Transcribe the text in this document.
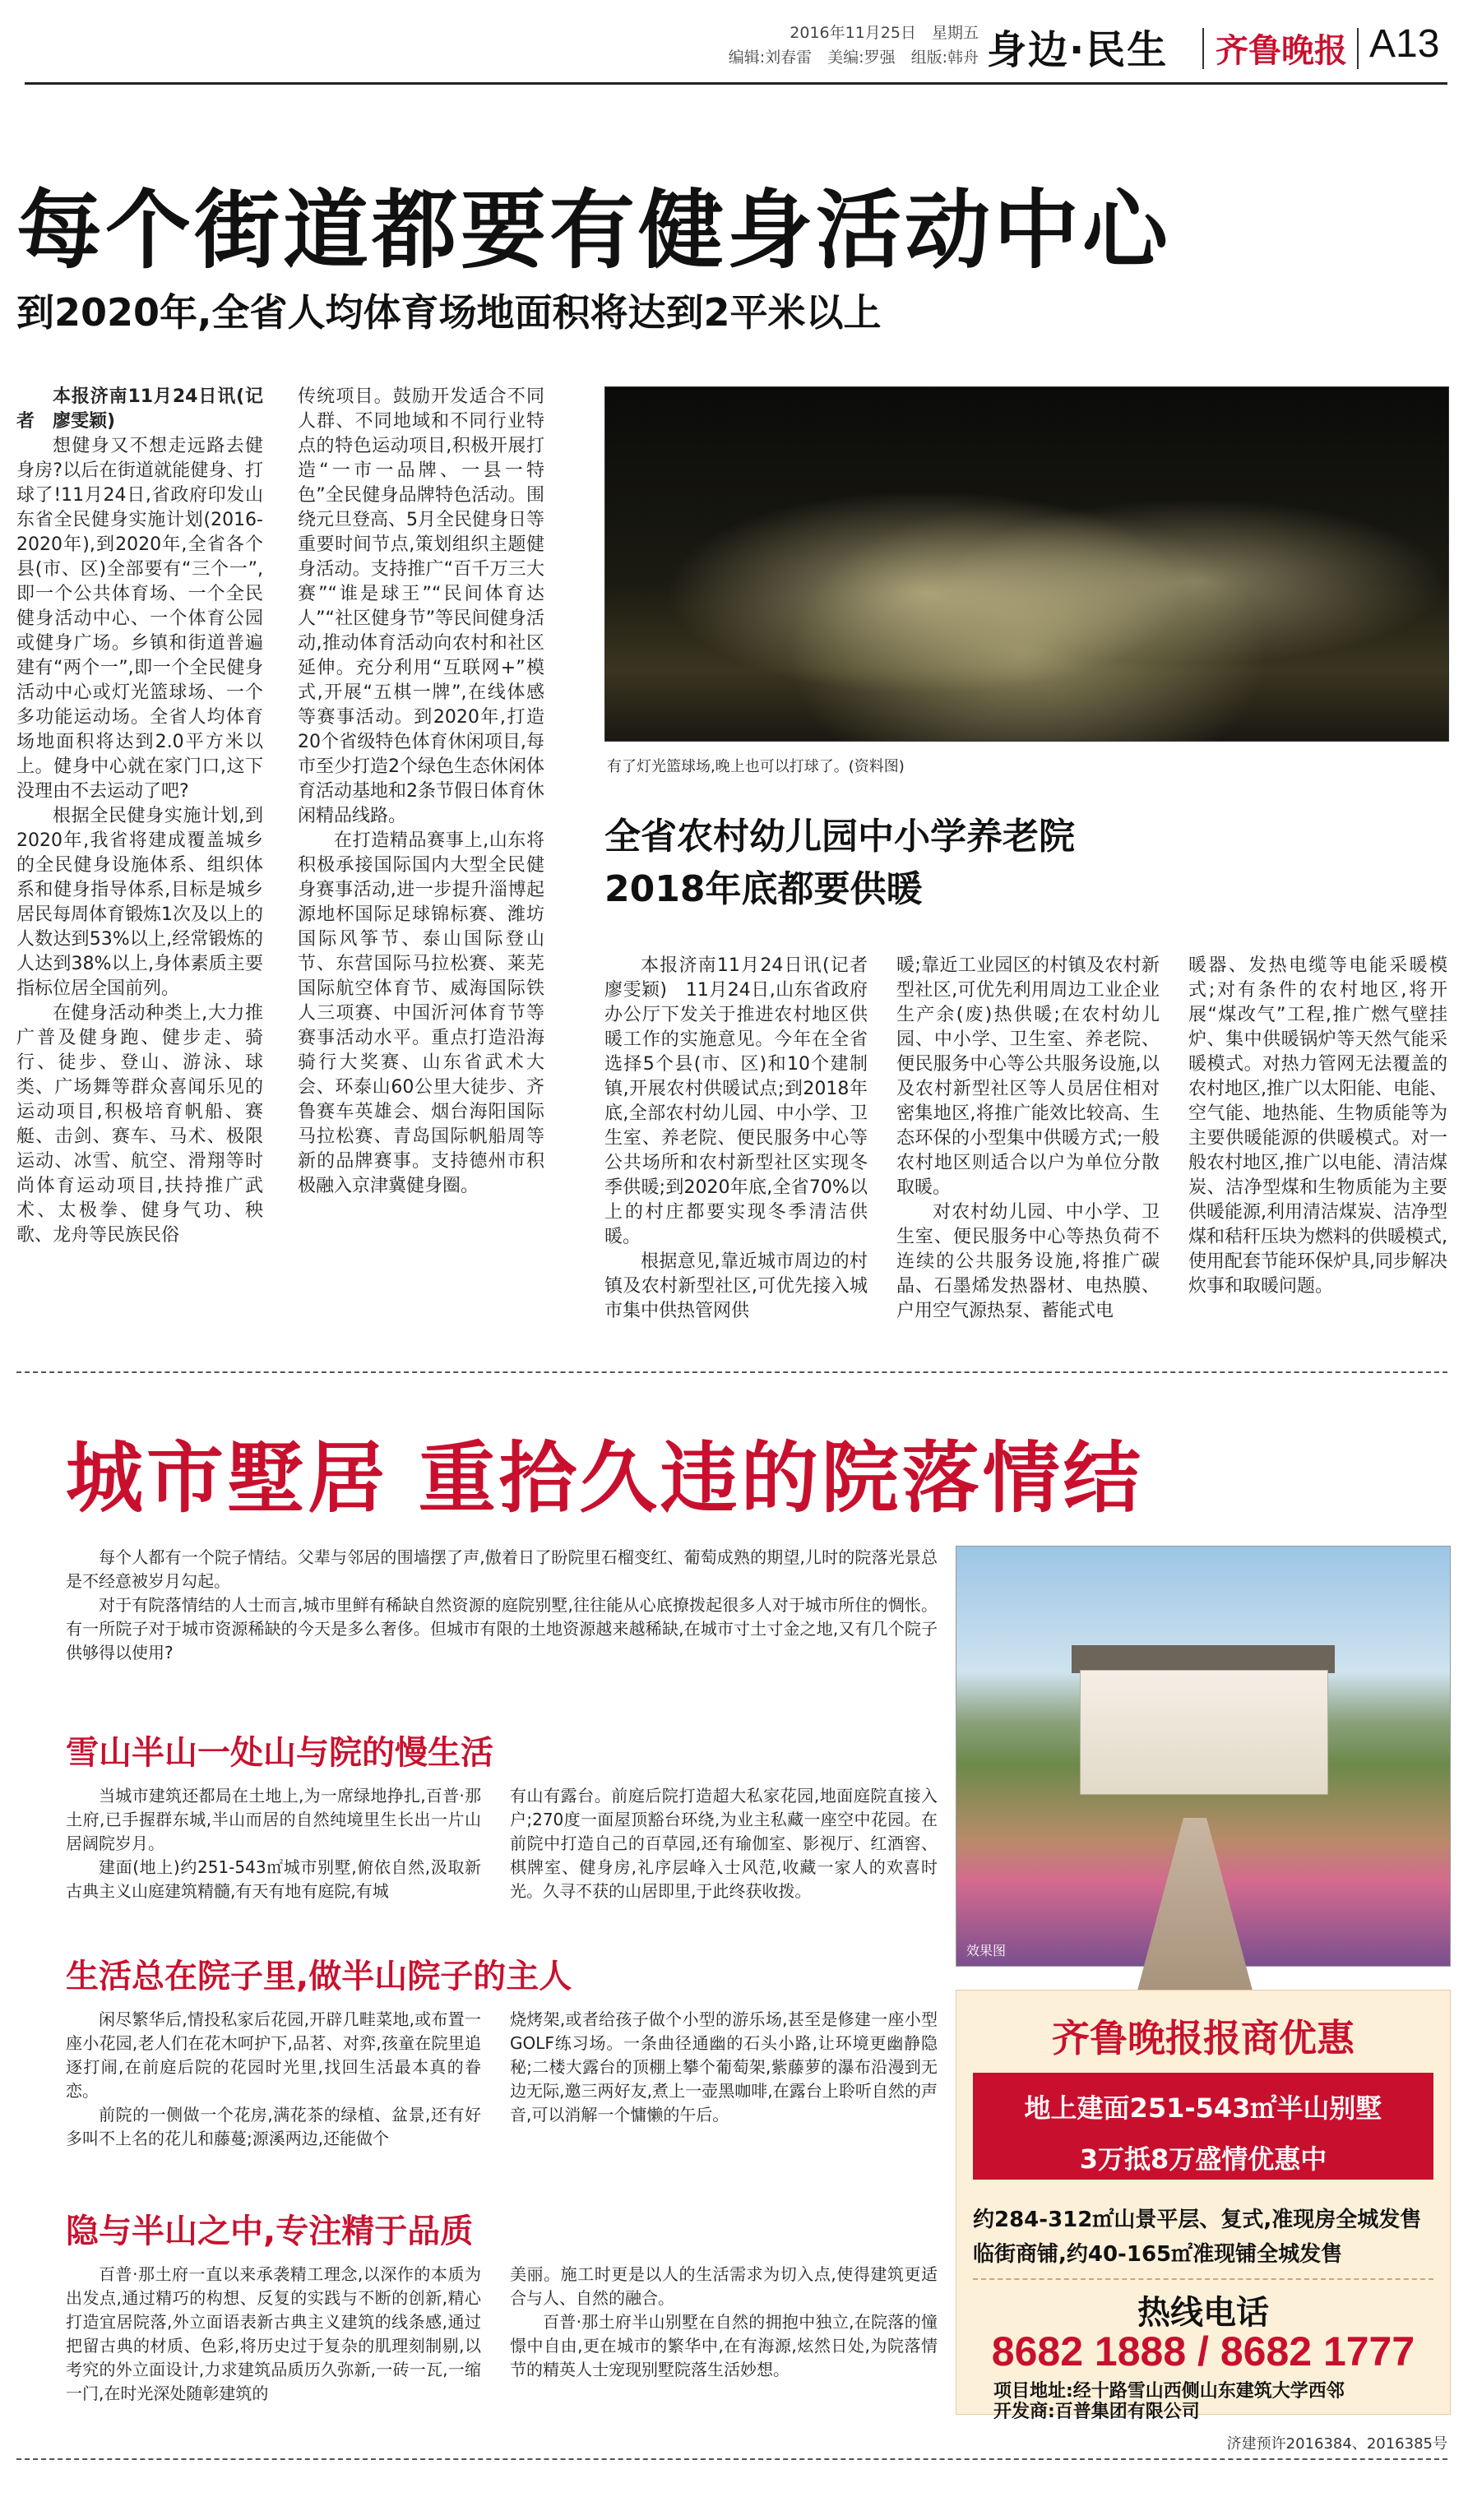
2016年11月25日　星期五
编辑:刘春雷　美编:罗强　组版:韩舟 身边·民生 齐鲁晚报 A13
每个街道都要有健身活动中心
到2020年,全省人均体育场地面积将达到2平米以上

本报济南11月24日讯(记者　廖雯颖)

想健身又不想走远路去健身房?以后在街道就能健身、打球了!11月24日,省政府印发山东省全民健身实施计划(2016-2020年),到2020年,全省各个县(市、区)全部要有“三个一”,即一个公共体育场、一个全民健身活动中心、一个体育公园或健身广场。乡镇和街道普遍建有“两个一”,即一个全民健身活动中心或灯光篮球场、一个多功能运动场。全省人均体育场地面积将达到2.0平方米以上。健身中心就在家门口,这下没理由不去运动了吧?

根据全民健身实施计划,到2020年,我省将建成覆盖城乡的全民健身设施体系、组织体系和健身指导体系,目标是城乡居民每周体育锻炼1次及以上的人数达到53%以上,经常锻炼的人达到38%以上,身体素质主要指标位居全国前列。

在健身活动种类上,大力推广普及健身跑、健步走、骑行、徒步、登山、游泳、球类、广场舞等群众喜闻乐见的运动项目,积极培育帆船、赛艇、击剑、赛车、马术、极限运动、冰雪、航空、滑翔等时尚体育运动项目,扶持推广武术、太极拳、健身气功、秧歌、龙舟等民族民俗

传统项目。鼓励开发适合不同人群、不同地域和不同行业特点的特色运动项目,积极开展打造“一市一品牌、一县一特色”全民健身品牌特色活动。围绕元旦登高、5月全民健身日等重要时间节点,策划组织主题健身活动。支持推广“百千万三大赛”“谁是球王”“民间体育达人”“社区健身节”等民间健身活动,推动体育活动向农村和社区延伸。充分利用“互联网+”模式,开展“五棋一牌”,在线体感等赛事活动。到2020年,打造20个省级特色体育休闲项目,每市至少打造2个绿色生态休闲体育活动基地和2条节假日体育休闲精品线路。

在打造精品赛事上,山东将积极承接国际国内大型全民健身赛事活动,进一步提升淄博起源地杯国际足球锦标赛、潍坊国际风筝节、泰山国际登山节、东营国际马拉松赛、莱芜国际航空体育节、威海国际铁人三项赛、中国沂河体育节等赛事活动水平。重点打造沿海骑行大奖赛、山东省武术大会、环泰山60公里大徒步、齐鲁赛车英雄会、烟台海阳国际马拉松赛、青岛国际帆船周等新的品牌赛事。支持德州市积极融入京津冀健身圈。

有了灯光篮球场,晚上也可以打球了。(资料图)
全省农村幼儿园中小学养老院
2018年底都要供暖

本报济南11月24日讯(记者　廖雯颖)　11月24日,山东省政府办公厅下发关于推进农村地区供暖工作的实施意见。今年在全省选择5个县(市、区)和10个建制镇,开展农村供暖试点;到2018年底,全部农村幼儿园、中小学、卫生室、养老院、便民服务中心等公共场所和农村新型社区实现冬季供暖;到2020年底,全省70%以上的村庄都要实现冬季清洁供暖。

根据意见,靠近城市周边的村镇及农村新型社区,可优先接入城市集中供热管网供

暖;靠近工业园区的村镇及农村新型社区,可优先利用周边工业企业生产余(废)热供暖;在农村幼儿园、中小学、卫生室、养老院、便民服务中心等公共服务设施,以及农村新型社区等人员居住相对密集地区,将推广能效比较高、生态环保的小型集中供暖方式;一般农村地区则适合以户为单位分散取暖。

对农村幼儿园、中小学、卫生室、便民服务中心等热负荷不连续的公共服务设施,将推广碳晶、石墨烯发热器材、电热膜、户用空气源热泵、蓄能式电

暖器、发热电缆等电能采暖模式;对有条件的农村地区,将开展“煤改气”工程,推广燃气壁挂炉、集中供暖锅炉等天然气能采暖模式。对热力管网无法覆盖的农村地区,推广以太阳能、电能、空气能、地热能、生物质能等为主要供暖能源的供暖模式。对一般农村地区,推广以电能、清洁煤炭、洁净型煤和生物质能为主要供暖能源,利用清洁煤炭、洁净型煤和秸秆压块为燃料的供暖模式,使用配套节能环保炉具,同步解决炊事和取暖问题。

城市墅居 重拾久违的院落情结

每个人都有一个院子情结。父辈与邻居的围墙摆了声,傲着日了盼院里石榴变红、葡萄成熟的期望,儿时的院落光景总是不经意被岁月勾起。

对于有院落情结的人士而言,城市里鲜有稀缺自然资源的庭院别墅,往往能从心底撩拨起很多人对于城市所住的惆怅。有一所院子对于城市资源稀缺的今天是多么奢侈。但城市有限的土地资源越来越稀缺,在城市寸土寸金之地,又有几个院子供够得以使用?

效果图
雪山半山一处山与院的慢生活

当城市建筑还都局在土地上,为一席绿地挣扎,百普·那土府,已手握群东城,半山而居的自然纯境里生长出一片山居阔院岁月。

建面(地上)约251-543㎡城市别墅,俯依自然,汲取新古典主义山庭建筑精髓,有天有地有庭院,有城

有山有露台。前庭后院打造超大私家花园,地面庭院直接入户;270度一面屋顶豁台环绕,为业主私藏一座空中花园。在前院中打造自己的百草园,还有瑜伽室、影视厅、红酒窖、棋牌室、健身房,礼序层峰入士风范,收藏一家人的欢喜时光。久寻不获的山居即里,于此终获收拨。

生活总在院子里,做半山院子的主人

闲尽繁华后,情投私家后花园,开辟几畦菜地,或布置一座小花园,老人们在花木呵护下,品茗、对弈,孩童在院里追逐打闹,在前庭后院的花园时光里,找回生活最本真的眷恋。

前院的一侧做一个花房,满花茶的绿植、盆景,还有好多叫不上名的花儿和藤蔓;源溪两边,还能做个

烧烤架,或者给孩子做个小型的游乐场,甚至是修建一座小型GOLF练习场。一条曲径通幽的石头小路,让环境更幽静隐秘;二楼大露台的顶棚上攀个葡萄架,紫藤萝的瀑布沿漫到无边无际,邀三两好友,煮上一壶黑咖啡,在露台上聆听自然的声音,可以消解一个慵懒的午后。

隐与半山之中,专注精于品质

百普·那土府一直以来承袭精工理念,以深作的本质为出发点,通过精巧的构想、反复的实践与不断的创新,精心打造宜居院落,外立面语表新古典主义建筑的线条感,通过把留古典的材质、色彩,将历史过于复杂的肌理刻制剔,以考究的外立面设计,力求建筑品质历久弥新,一砖一瓦,一缩一门,在时光深处随彰建筑的

美丽。施工时更是以人的生活需求为切入点,使得建筑更适合与人、自然的融合。

百普·那土府半山别墅在自然的拥抱中独立,在院落的憧憬中自由,更在城市的繁华中,在有海源,炫然日处,为院落情节的精英人士宠现别墅院落生活妙想。

齐鲁晚报报商优惠
地上建面251-543㎡半山别墅
3万抵8万盛情优惠中
约284-312㎡山景平层、复式,准现房全城发售
临街商铺,约40-165㎡准现铺全城发售
热线电话
8682 1888 / 8682 1777
项目地址:经十路雪山西侧山东建筑大学西邻
开发商:百普集团有限公司
济建预许2016384、2016385号
